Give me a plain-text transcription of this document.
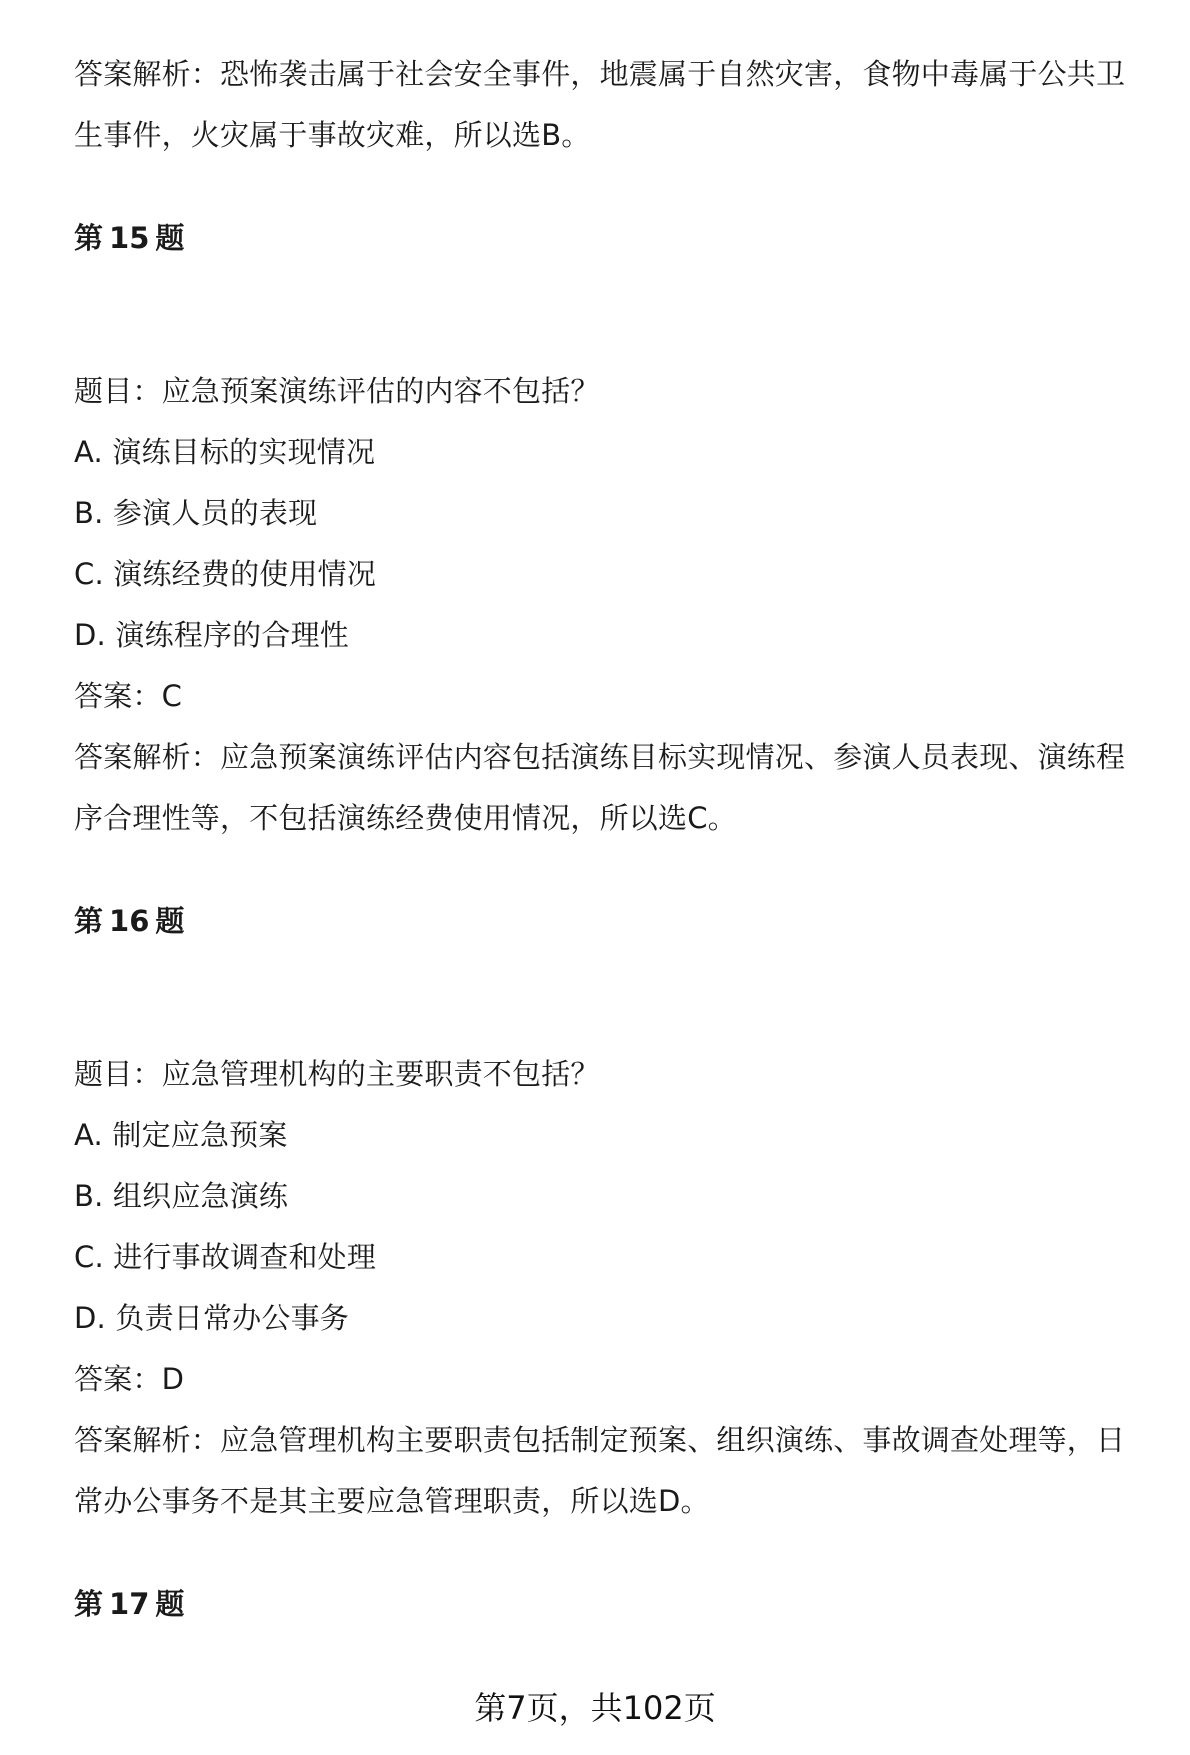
答案解析：恐怖袭击属于社会安全事件，地震属于自然灾害，食物中毒属于公共卫

生事件，火灾属于事故灾难，所以选B。

第 15 题

题目：应急预案演练评估的内容不包括？

A. 演练目标的实现情况

B. 参演人员的表现

C. 演练经费的使用情况

D. 演练程序的合理性

答案：C

答案解析：应急预案演练评估内容包括演练目标实现情况、参演人员表现、演练程

序合理性等，不包括演练经费使用情况，所以选C。

第 16 题

题目：应急管理机构的主要职责不包括？

A. 制定应急预案

B. 组织应急演练

C. 进行事故调查和处理

D. 负责日常办公事务

答案：D

答案解析：应急管理机构主要职责包括制定预案、组织演练、事故调查处理等，日

常办公事务不是其主要应急管理职责，所以选D。

第 17 题
第7页，共102页
